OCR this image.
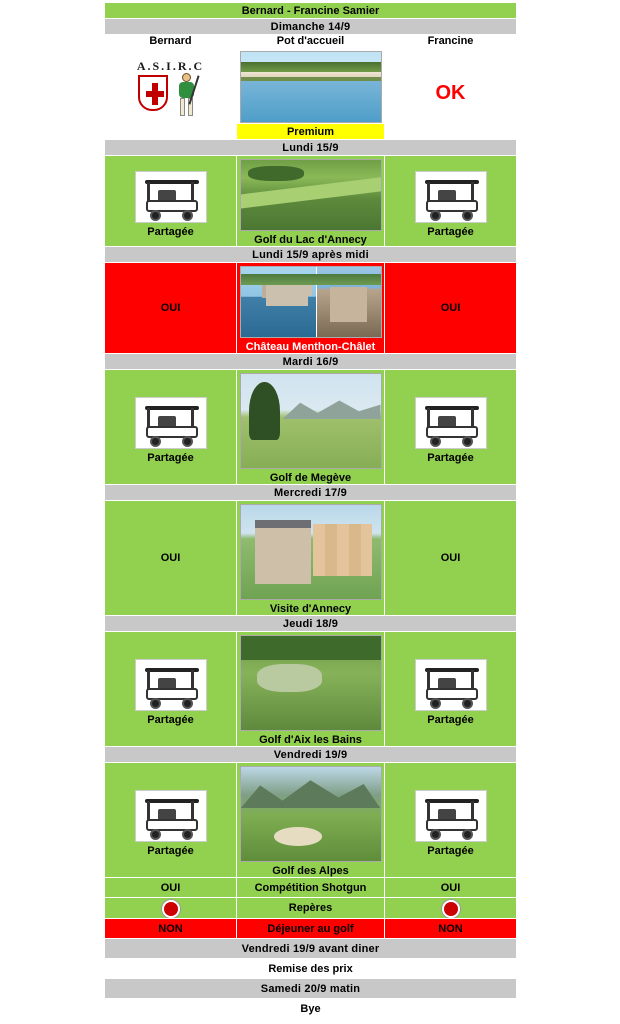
Bernard - Francine Samier		
Dimanche 14/9		
Bernard	Pot d'accueil	Francine

A.S.I.R.C		OK
	Premium	
Lundi 15/9		

Partagée	Golf du Lac d'Annecy	Partagée

Lundi 15/9 après midi		
OUI	Château Menthon-Châlet	OUI
Mardi 16/9		

Partagée	Golf de Megève	Partagée

Mercredi 17/9		
OUI	Visite d'Annecy	OUI
Jeudi 18/9		

Partagée	Golf d'Aix les Bains	Partagée

Vendredi 19/9		

Partagée	Golf des Alpes	Partagée

OUI	Compétition Shotgun	OUI

	Repères	

NON	Déjeuner au golf	NON
Vendredi 19/9 avant diner		
Remise des prix		
Samedi 20/9 matin		
Bye		
